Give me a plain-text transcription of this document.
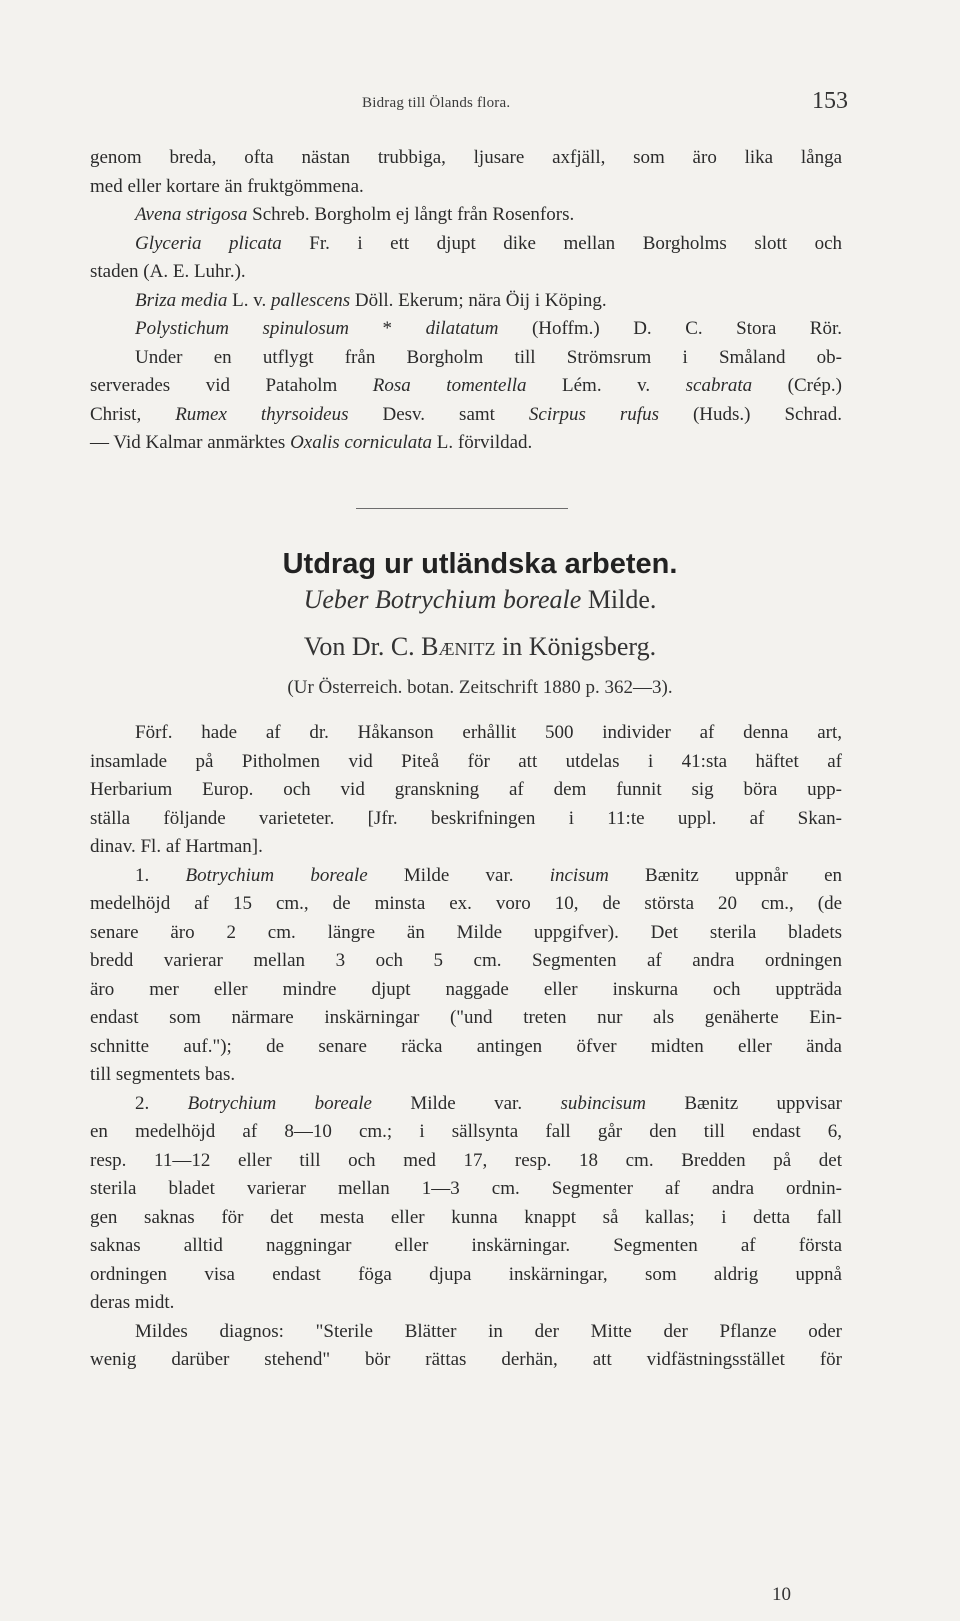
Bidrag till Ölands flora.	153
genom breda, ofta nästan trubbiga, ljusare axfjäll, som äro lika långa
med eller kortare än fruktgömmena.
Avena strigosa Schreb. Borgholm ej långt från Rosenfors.
Glyceria plicata Fr. i ett djupt dike mellan Borgholms slott och
staden (A. E. Luhr.).
Briza media L. v. pallescens Döll. Ekerum; nära Öij i Köping.
Polystichum spinulosum * dilatatum (Hoffm.) D. C. Stora Rör.
Under en utflygt från Borgholm till Strömsrum i Småland ob-
serverades vid Pataholm Rosa tomentella Lém. v. scabrata (Crép.)
Christ, Rumex thyrsoideus Desv. samt Scirpus rufus (Huds.) Schrad.
— Vid Kalmar anmärktes Oxalis corniculata L. förvildad.
Utdrag ur utländska arbeten.
Ueber Botrychium boreale Milde.
Von Dr. C. Bænitz in Königsberg.
(Ur Österreich. botan. Zeitschrift 1880 p. 362—3).
Förf. hade af dr. Håkanson erhållit 500 individer af denna art,
insamlade på Pitholmen vid Piteå för att utdelas i 41:sta häftet af
Herbarium Europ. och vid granskning af dem funnit sig böra upp-
ställa följande varieteter. [Jfr. beskrifningen i 11:te uppl. af Skan-
dinav. Fl. af Hartman].
1. Botrychium boreale Milde var. incisum Bænitz uppnår en
medelhöjd af 15 cm., de minsta ex. voro 10, de största 20 cm., (de
senare äro 2 cm. längre än Milde uppgifver). Det sterila bladets
bredd varierar mellan 3 och 5 cm. Segmenten af andra ordningen
äro mer eller mindre djupt naggade eller inskurna och uppträda
endast som närmare inskärningar ("und treten nur als genäherte Ein-
schnitte auf."); de senare räcka antingen öfver midten eller ända
till segmentets bas.
2. Botrychium boreale Milde var. subincisum Bænitz uppvisar
en medelhöjd af 8—10 cm.; i sällsynta fall går den till endast 6,
resp. 11—12 eller till och med 17, resp. 18 cm. Bredden på det
sterila bladet varierar mellan 1—3 cm. Segmenter af andra ordnin-
gen saknas för det mesta eller kunna knappt så kallas; i detta fall
saknas alltid naggningar eller inskärningar. Segmenten af första
ordningen visa endast föga djupa inskärningar, som aldrig uppnå
deras midt.
Mildes diagnos: "Sterile Blätter in der Mitte der Pflanze oder
wenig darüber stehend" bör rättas derhän, att vidfästningsstället för
10
